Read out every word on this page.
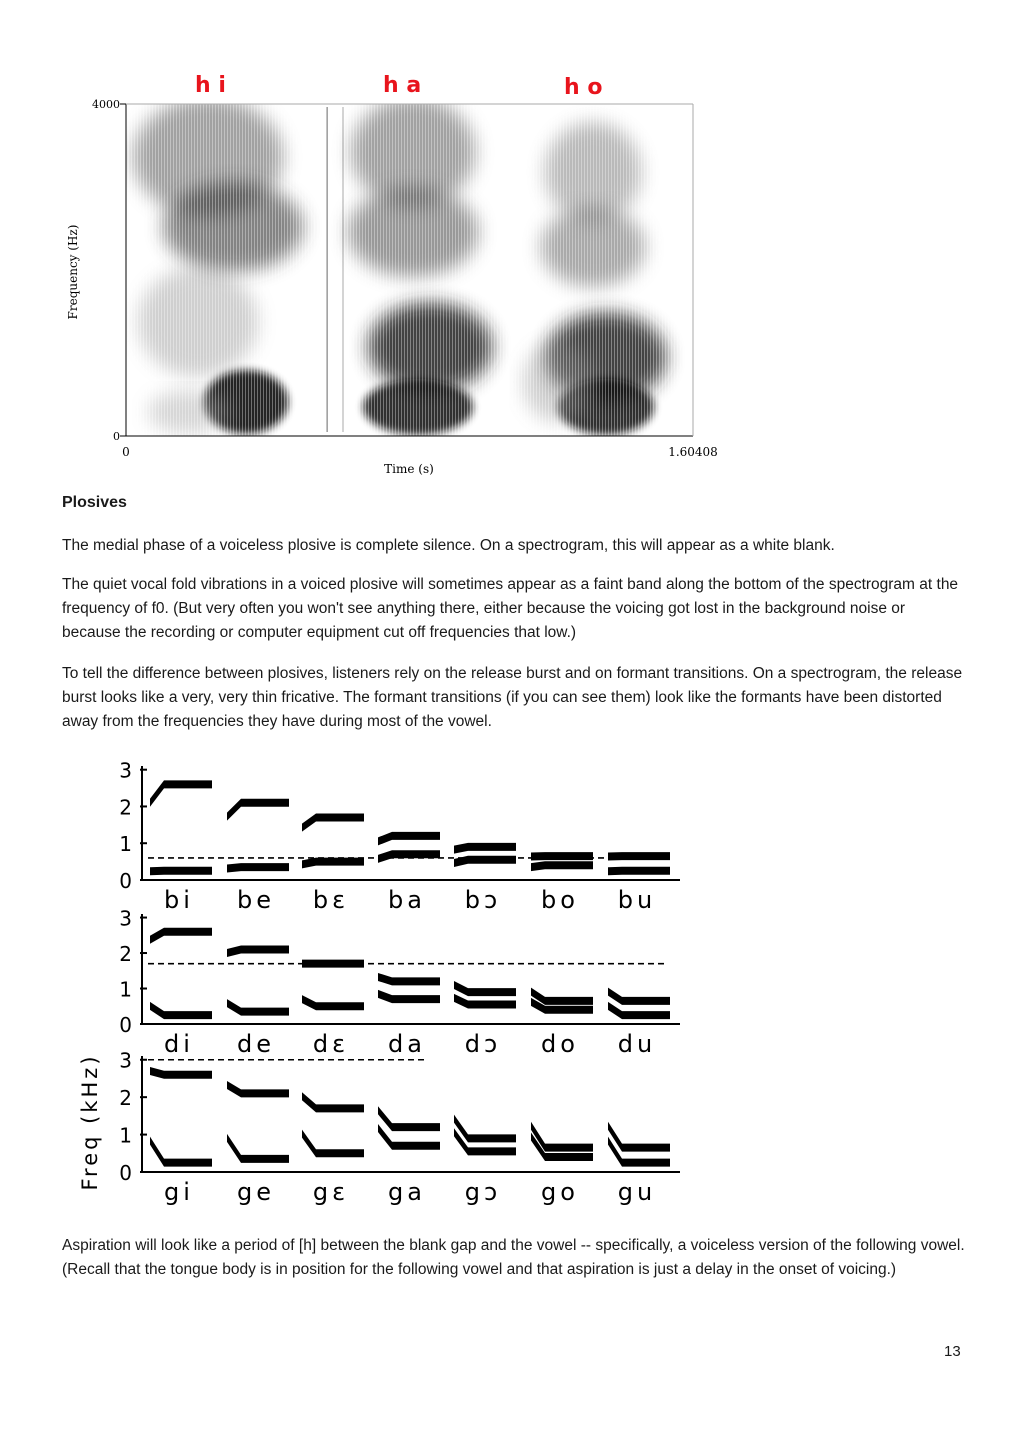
h i	h a	h o
4000
0
0	1.60408
Time (s)
Frequency (Hz)

Plosives

The medial phase of a voiceless plosive is complete silence. On a spectrogram, this will appear as a white blank.

The quiet vocal fold vibrations in a voiced plosive will sometimes appear as a faint band along the bottom of the spectrogram at the frequency of f0. (But very often you won't see anything there, either because the voicing got lost in the background noise or because the recording or computer equipment cut off frequencies that low.)

To tell the difference between plosives, listeners rely on the release burst and on formant transitions. On a spectrogram, the release burst looks like a very, very thin fricative. The formant transitions (if you can see them) look like the formants have been distorted away from the frequencies they have during most of the vowel.

Freq (kHz)
3
2
1
0
bi be bɛ ba bɔ bo bu
3
2
1
0
di de dɛ da dɔ do du
3
2
1
0
gi ge gɛ ga gɔ go gu

Aspiration will look like a period of [h] between the blank gap and the vowel -- specifically, a voiceless version of the following vowel. (Recall that the tongue body is in position for the following vowel and that aspiration is just a delay in the onset of voicing.)

13
